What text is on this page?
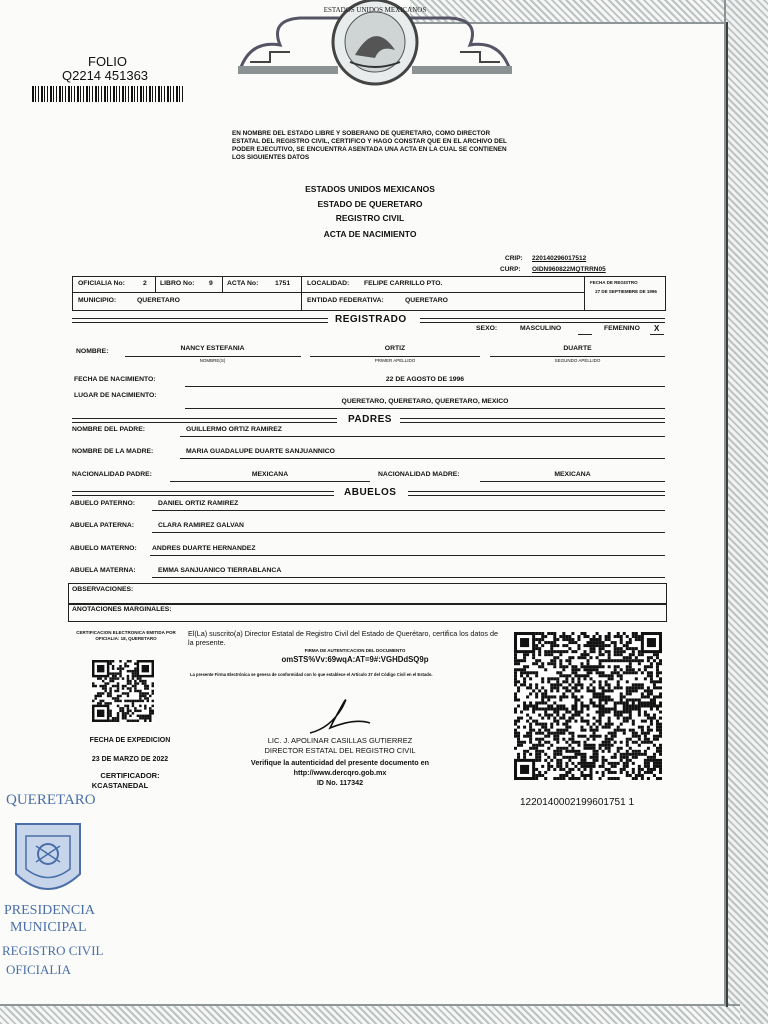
ESTADOS UNIDOS MEXICANOS
FOLIO
Q2214 451363
EN NOMBRE DEL ESTADO LIBRE Y SOBERANO DE QUERETARO, COMO DIRECTOR ESTATAL DEL REGISTRO CIVIL, CERTIFICO Y HAGO CONSTAR QUE EN EL ARCHIVO DEL PODER EJECUTIVO, SE ENCUENTRA ASENTADA UNA ACTA EN LA CUAL SE CONTIENEN LOS SIGUIENTES DATOS
ESTADOS UNIDOS MEXICANOS
ESTADO DE QUERETARO
REGISTRO CIVIL
ACTA DE NACIMIENTO
CRIP: 220140296017512
CURP: OIDN960822MQTRRN05
OFICIALIA No:	2 LIBRO No: 9 ACTA No: 1751 LOCALIDAD: FELIPE CARRILLO PTO.	FECHA DE REGISTRO
27 DE SEPTIEMBRE DE 1996
MUNICIPIO:	QUERETARO	ENTIDAD FEDERATIVA:	QUERETARO
REGISTRADO
SEXO:	MASCULINO	FEMENINO X
NOMBRE:	NANCY ESTEFANIA
NOMBRE(S)
ORTIZ
PRIMER APELLIDO
DUARTE
SEGUNDO APELLIDO
FECHA DE NACIMIENTO:	22 DE AGOSTO DE 1996
LUGAR DE NACIMIENTO:
QUERETARO, QUERETARO, QUERETARO, MEXICO
PADRES
NOMBRE DEL PADRE:	GUILLERMO ORTIZ RAMIREZ
NOMBRE DE LA MADRE:	MARIA GUADALUPE DUARTE SANJUANNICO
NACIONALIDAD PADRE:	MEXICANA	NACIONALIDAD MADRE:	MEXICANA
ABUELOS
ABUELO PATERNO:	DANIEL ORTIZ RAMIREZ
ABUELA PATERNA:	CLARA RAMIREZ GALVAN
ABUELO MATERNO: ANDRES DUARTE HERNANDEZ
ABUELA MATERNA:	EMMA SANJUANICO TIERRABLANCA
OBSERVACIONES:
ANOTACIONES MARGINALES:
CERTIFICACION ELECTRONICA EMITIDA POR OFICIALIA: 18, QUERETARO
El(La) suscrito(a) Director Estatal de Registro Civil del Estado de Querétaro, certifica los datos de la presente.
FIRMA DE AUTENTICACION DEL DOCUMENTO
omSTS%Vv:69wqA:AT=9#:VGHDdSQ9p
La presente Firma Electrónica se genera de conformidad con lo que establece el Artículo 37 del Código Civil en el Estado.
FECHA DE EXPEDICION
23 DE MARZO DE 2022
CERTIFICADOR:
KCASTANEDAL
LIC. J. APOLINAR CASILLAS GUTIERREZ
DIRECTOR ESTATAL DEL REGISTRO CIVIL
Verifique la autenticidad del presente documento en
http://www.dercqro.gob.mx
ID No. 117342
1220140002199601751 1
QUERETARO
PRESIDENCIA
MUNICIPAL
REGISTRO CIVIL
OFICIALIA
